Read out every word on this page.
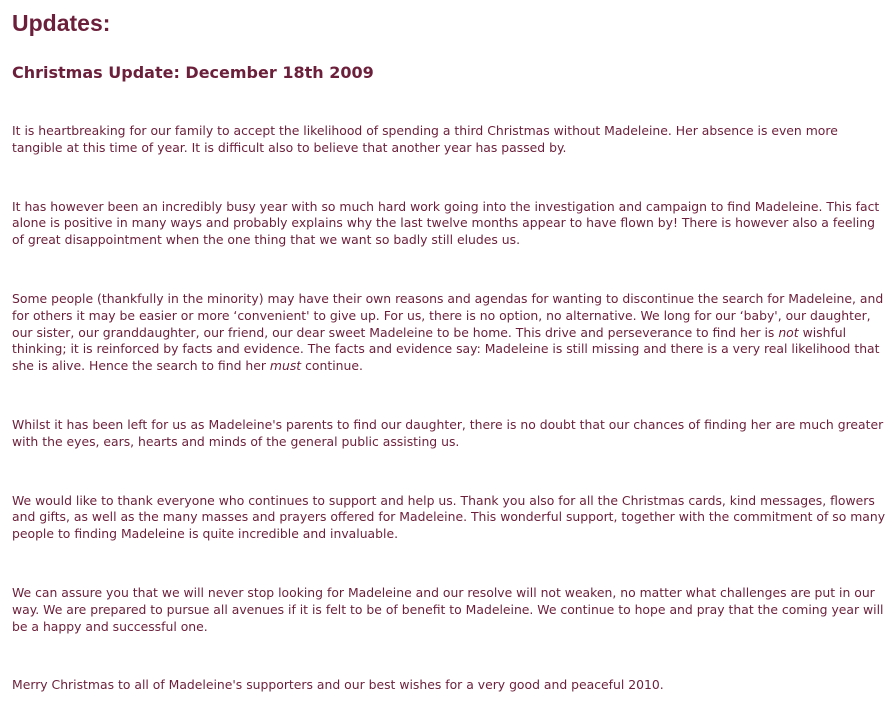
Updates:
Christmas Update: December 18th 2009

It is heartbreaking for our family to accept the likelihood of spending a third Christmas without Madeleine. Her absence is even more tangible at this time of year. It is difficult also to believe that another year has passed by.

It has however been an incredibly busy year with so much hard work going into the investigation and campaign to find Madeleine. This fact alone is positive in many ways and probably explains why the last twelve months appear to have flown by! There is however also a feeling of great disappointment when the one thing that we want so badly still eludes us.

Some people (thankfully in the minority) may have their own reasons and agendas for wanting to discontinue the search for Madeleine, and for others it may be easier or more ‘convenient' to give up. For us, there is no option, no alternative. We long for our ‘baby', our daughter, our sister, our granddaughter, our friend, our dear sweet Madeleine to be home. This drive and perseverance to find her is not wishful thinking; it is reinforced by facts and evidence. The facts and evidence say: Madeleine is still missing and there is a very real likelihood that she is alive. Hence the search to find her must continue.

Whilst it has been left for us as Madeleine's parents to find our daughter, there is no doubt that our chances of finding her are much greater with the eyes, ears, hearts and minds of the general public assisting us.

We would like to thank everyone who continues to support and help us. Thank you also for all the Christmas cards, kind messages, flowers and gifts, as well as the many masses and prayers offered for Madeleine. This wonderful support, together with the commitment of so many people to finding Madeleine is quite incredible and invaluable.

We can assure you that we will never stop looking for Madeleine and our resolve will not weaken, no matter what challenges are put in our way. We are prepared to pursue all avenues if it is felt to be of benefit to Madeleine. We continue to hope and pray that the coming year will be a happy and successful one.

Merry Christmas to all of Madeleine's supporters and our best wishes for a very good and peaceful 2010.
